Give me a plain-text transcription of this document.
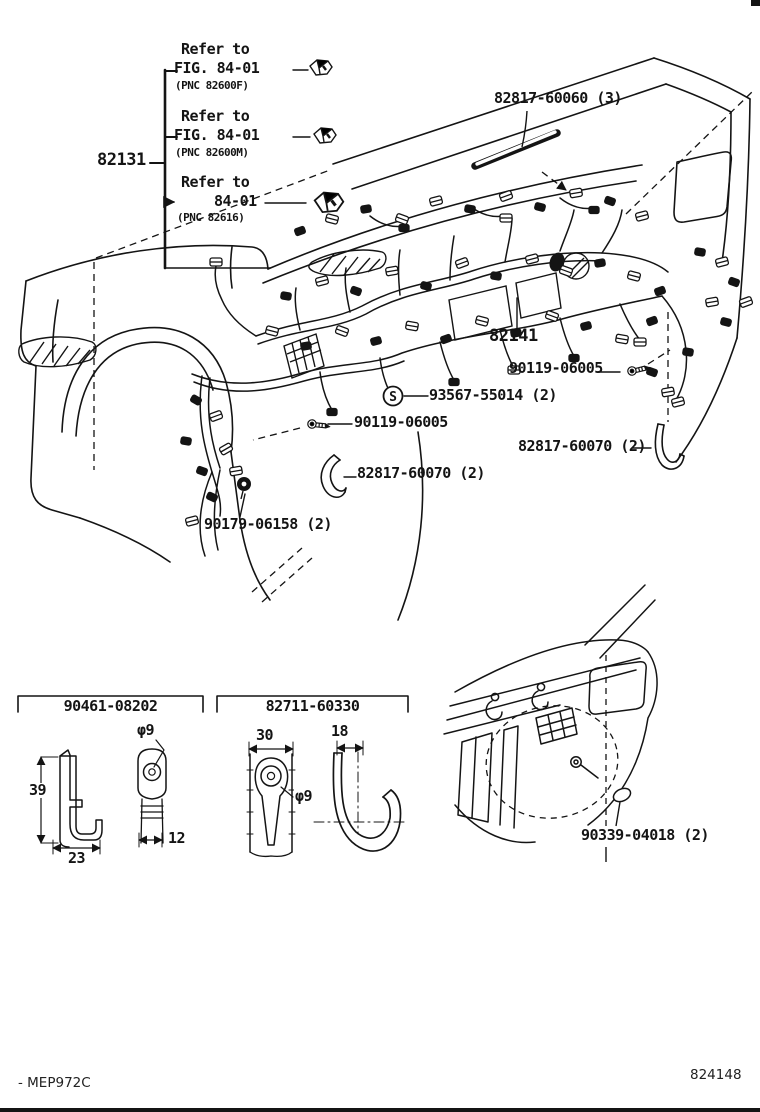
S
Refer to
FIG. 84-01
(PNC 82600F)
Refer to
FIG. 84-01
(PNC 82600M)
82131
Refer to
84-01
(PNC 82616)
82817-60060 (3)
82141
90119-06005
93567-55014 (2)
90119-06005
82817-60070 (2)
82817-60070 (2)
90179-06158 (2)
90339-04018 (2)
90461-08202	82711-60330
39
23
φ9
12
30	18
φ9
- MEP972C	824148
